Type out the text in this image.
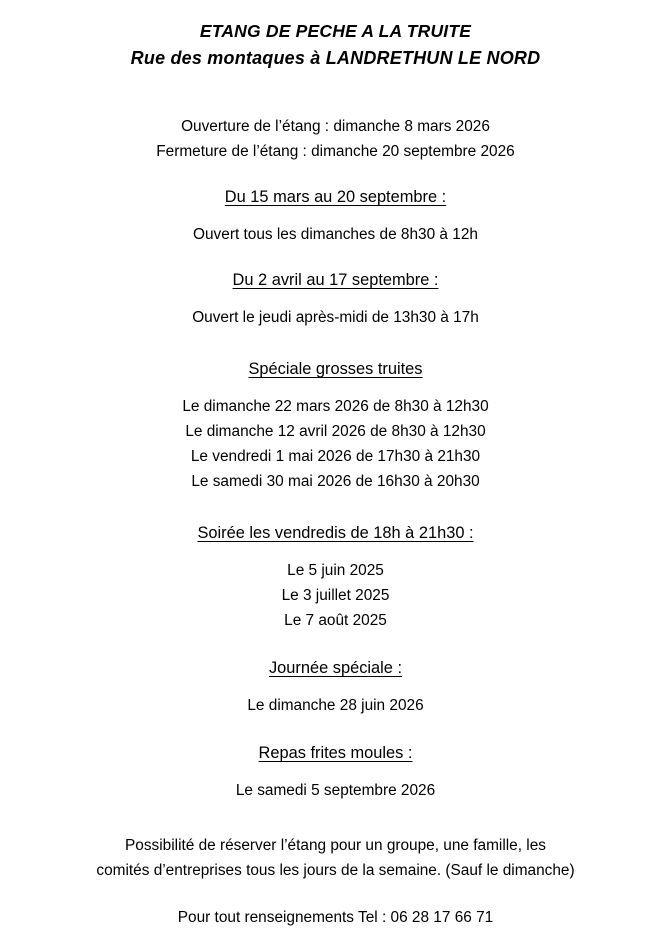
ETANG DE PECHE A LA TRUITE
Rue des montaques à LANDRETHUN LE NORD
Ouverture de l’étang : dimanche 8 mars 2026
Fermeture de l’étang : dimanche 20 septembre 2026
Du 15 mars au 20 septembre :
Ouvert tous les dimanches de 8h30 à 12h
Du 2 avril au 17 septembre :
Ouvert le jeudi après-midi de 13h30 à 17h
Spéciale grosses truites
Le dimanche 22 mars 2026 de 8h30 à 12h30
Le dimanche 12 avril 2026 de 8h30 à 12h30
Le vendredi 1 mai 2026 de 17h30 à 21h30
Le samedi 30 mai 2026 de 16h30 à 20h30
Soirée les vendredis de 18h à 21h30 :
Le 5 juin 2025
Le 3 juillet 2025
Le 7 août 2025
Journée spéciale :
Le dimanche 28 juin 2026
Repas frites moules :
Le samedi 5 septembre 2026
Possibilité de réserver l’étang pour un groupe, une famille, les
comités d’entreprises tous les jours de la semaine. (Sauf le dimanche)
Pour tout renseignements Tel : 06 28 17 66 71
